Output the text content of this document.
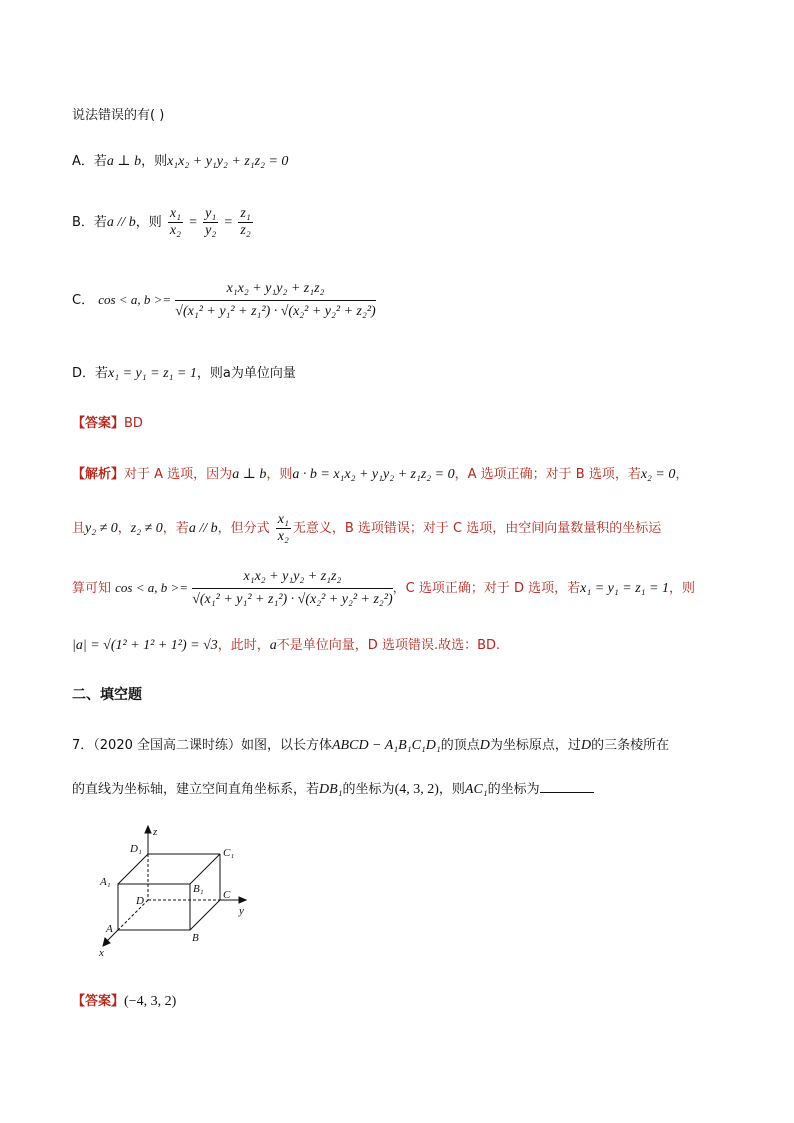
说法错误的有( )
A．若a ⊥ b，则x₁x₂ + y₁y₂ + z₁z₂ = 0
B．若a // b，则 $\frac{\text{x₁}}{\text{x₂}} = \frac{\text{y₁}}{\text{y₂}} = \frac{\text{z₁}}{\text{z₂}}$
C． cos < a, $b >= \frac{\text{x₁x₂ + y₁y₂ + z₁z₂}}{\text{√(x₁² + y₁² + z₁²) · √(x₂² + y₂² + z₂²)}}$
D．若x₁ = y₁ = z₁ = 1，则a为单位向量
【答案】BD
【解析】对于 A 选项，因为a ⊥ b，则a · b = x₁x₂ + y₁y₂ + z₁z₂ = 0，A 选项正确；对于 B 选项，若x₂ = 0，
且y₂ ≠ 0，z₂ ≠ 0，若a // b，但分式 $\frac{\text{x₁}}{\text{x₂}}$ 无意义，B 选项错误；对于 C 选项，由空间向量数量积的坐标运
算可知 cos < a, $b >= \frac{\text{x₁x₂ + y₁y₂ + z₁z₂}}{\text{√(x₁² + y₁² + z₁²) · √(x₂² + y₂² + z₂²)}}$ ，C 选项正确；对于 D 选项，若x₁ = y₁ = z₁ = 1，则
|a| = √(1² + 1² + 1²) = √3，此时，a不是单位向量，D 选项错误.故选：BD.
二、填空题
7．（2020 全国高二课时练）如图，以长方体ABCD − A₁B₁C₁D₁的顶点D为坐标原点，过D的三条棱所在
的直线为坐标轴，建立空间直角坐标系，若DB₁的坐标为(4, 3, 2)，则AC₁的坐标为
z
D₁	C₁
A₁
B₁
D	C
y
A
B
x
【答案】(−4, 3, 2)
